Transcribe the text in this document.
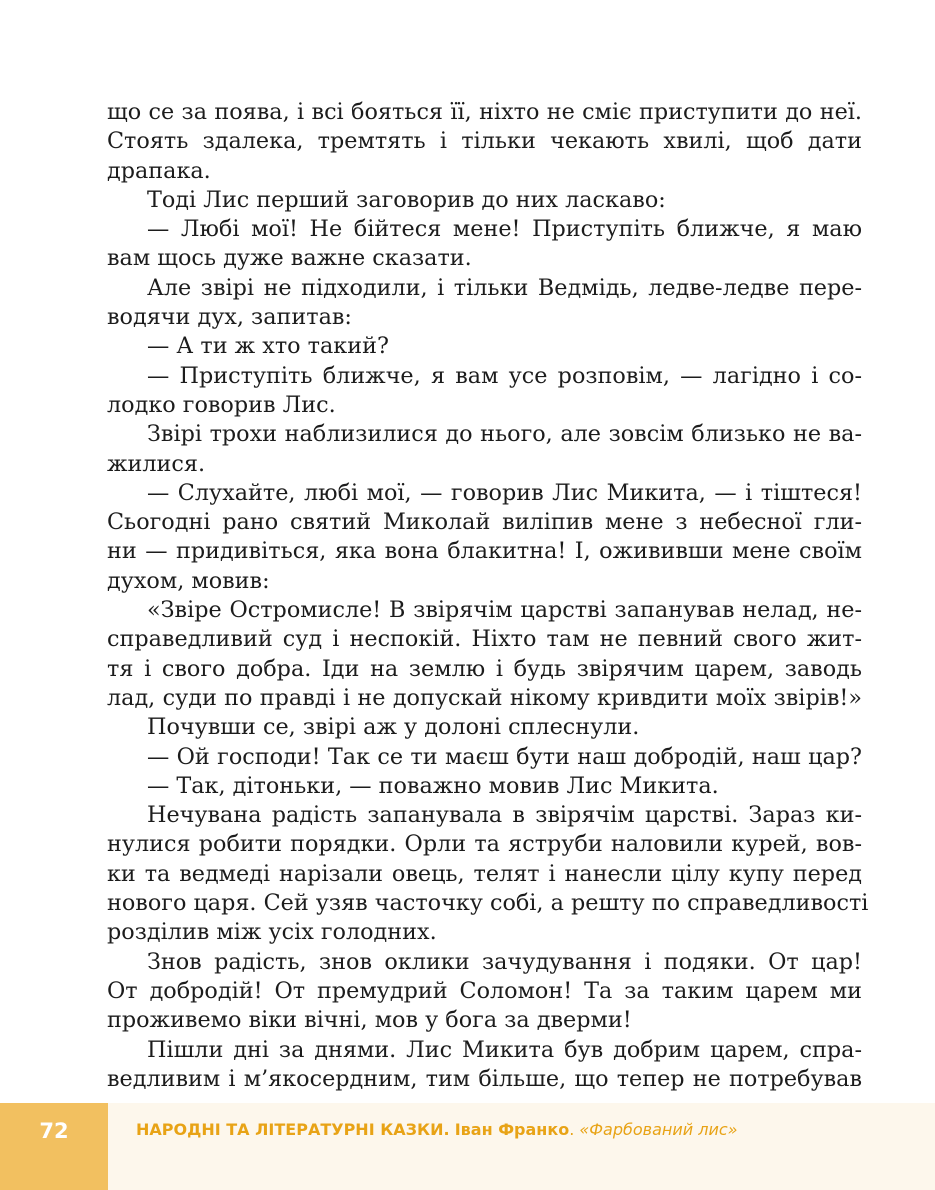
що се за поява, і всі бояться її, ніхто не сміє приступити до неї.
Стоять здалека, тремтять і тільки чекають хвилі, щоб дати
драпака.
Тоді Лис перший заговорив до них ласкаво:
— Любі мої! Не бійтеся мене! Приступіть ближче, я маю
вам щось дуже важне сказати.
Але звірі не підходили, і тільки Ведмідь, ледве-ледве пере-
водячи дух, запитав:
— А ти ж хто такий?
— Приступіть ближче, я вам усе розповім, — лагідно і со-
лодко говорив Лис.
Звірі трохи наблизилися до нього, але зовсім близько не ва-
жилися.
— Слухайте, любі мої, — говорив Лис Микита, — і тіштеся!
Сьогодні рано святий Миколай виліпив мене з небесної гли-
ни — придивіться, яка вона блакитна! І, ожививши мене своїм
духом, мовив:
«Звіре Остромисле! В звірячім царстві запанував нелад, не-
справедливий суд і неспокій. Ніхто там не певний свого жит-
тя і свого добра. Іди на землю і будь звірячим царем, заводь
лад, суди по правді і не допускай нікому кривдити моїх звірів!»
Почувши се, звірі аж у долоні сплеснули.
— Ой господи! Так се ти маєш бути наш добродій, наш цар?
— Так, дітоньки, — поважно мовив Лис Микита.
Нечувана радість запанувала в звірячім царстві. Зараз ки-
нулися робити порядки. Орли та яструби наловили курей, вов-
ки та ведмеді нарізали овець, телят і нанесли цілу купу перед
нового царя. Сей узяв часточку собі, а решту по справедливості
розділив між усіх голодних.
Знов радість, знов оклики зачудування і подяки. От цар!
От добродій! От премудрий Соломон! Та за таким царем ми
проживемо віки вічні, мов у бога за дверми!
Пішли дні за днями. Лис Микита був добрим царем, спра-
ведливим і м’якосердним, тим більше, що тепер не потребував
72	НАРОДНІ ТА ЛІТЕРАТУРНІ КАЗКИ. Іван Франко. «Фарбований лис»
